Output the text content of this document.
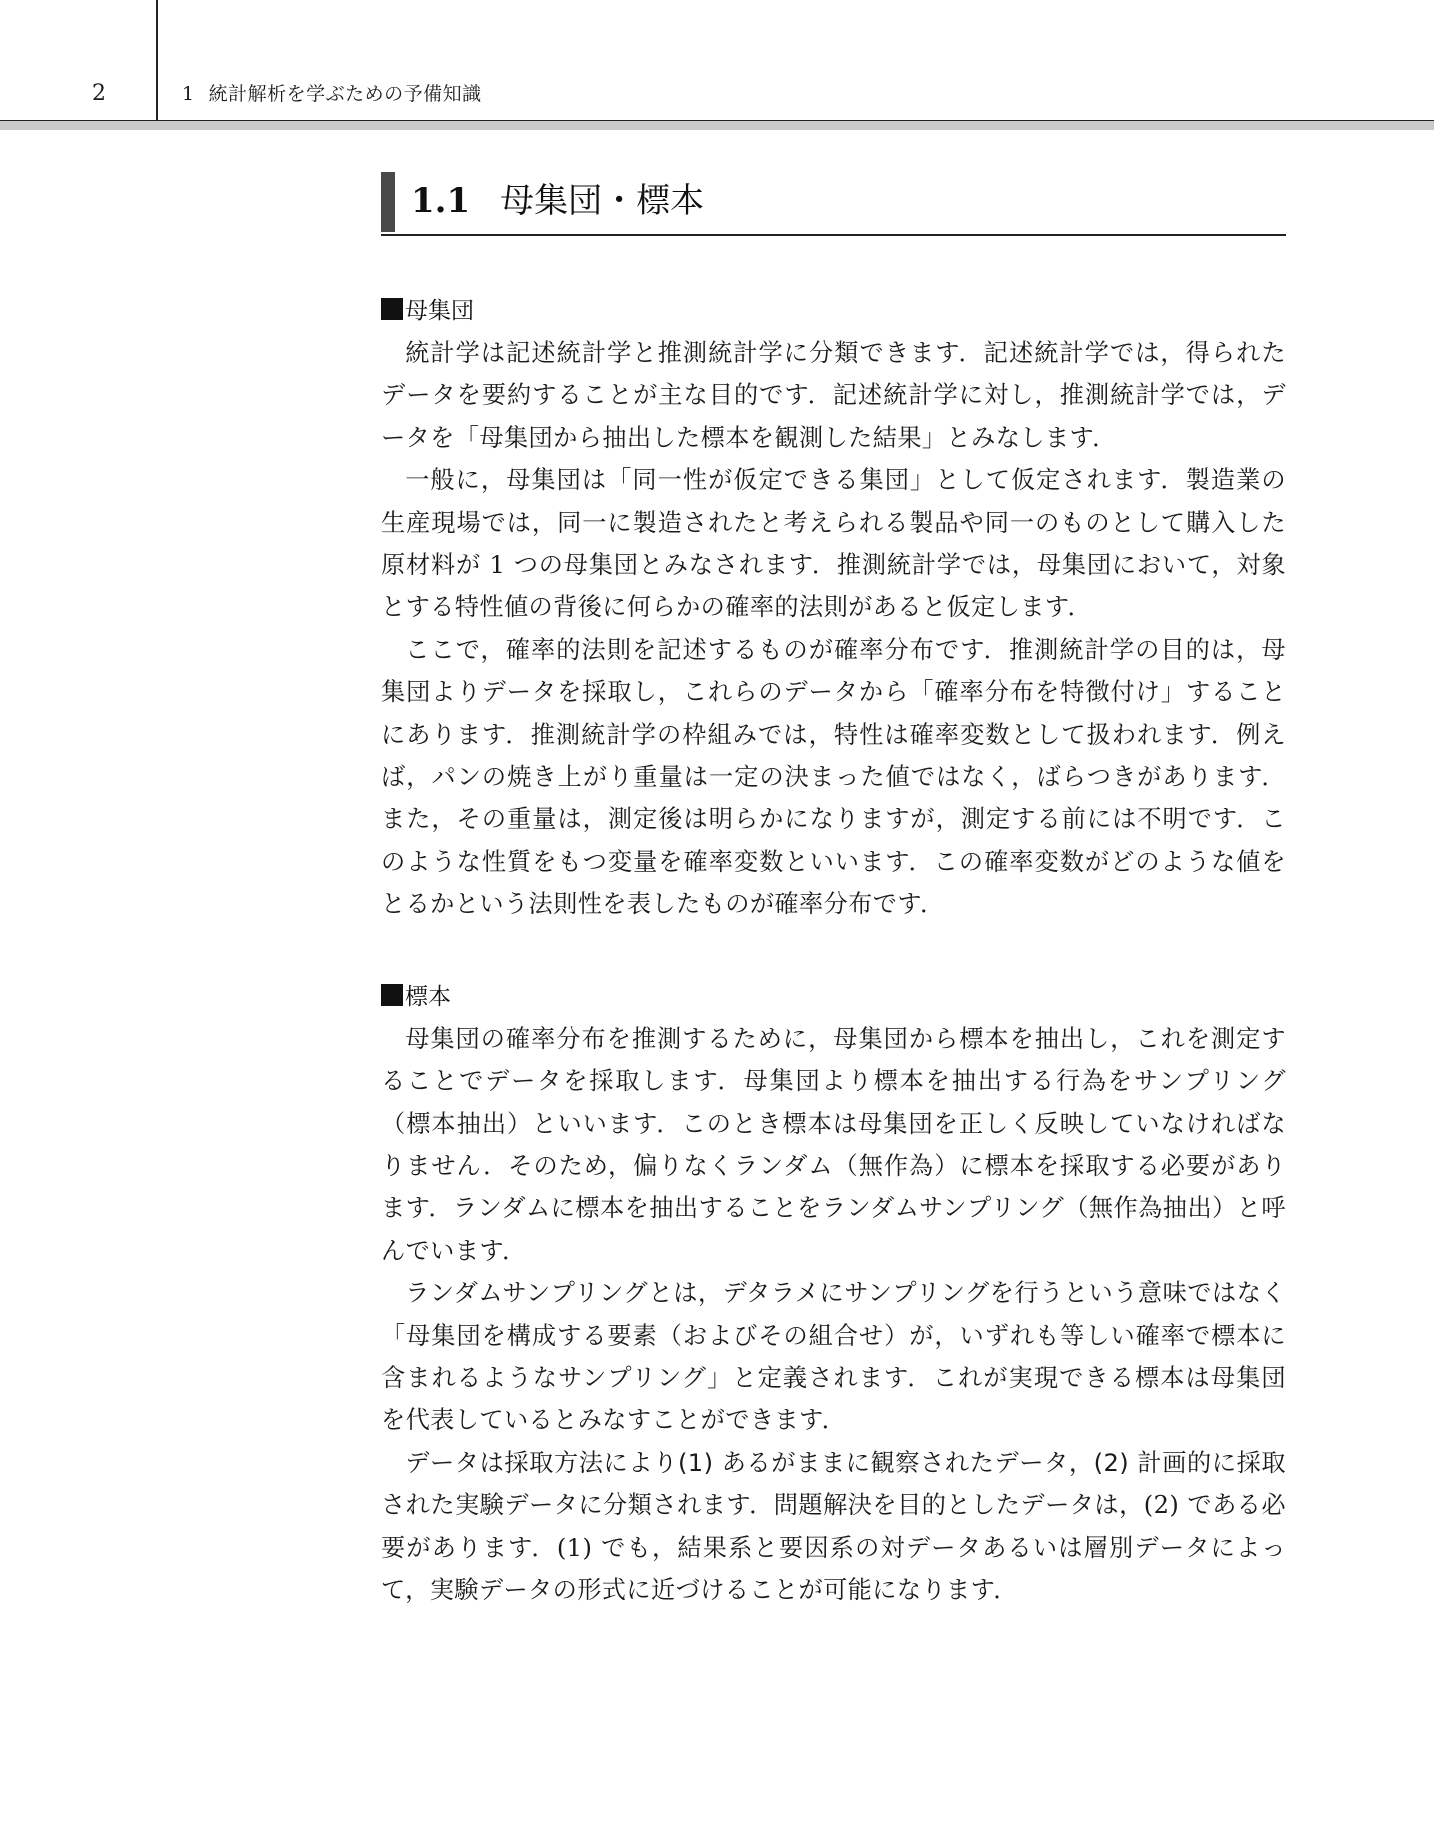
2	1 統計解析を学ぶための予備知識
1.1 母集団・標本
母集団

統計学は記述統計学と推測統計学に分類できます．記述統計学では，得られたデータを要約することが主な目的です．記述統計学に対し，推測統計学では，データを「母集団から抽出した標本を観測した結果」とみなします．

一般に，母集団は「同一性が仮定できる集団」として仮定されます．製造業の生産現場では，同一に製造されたと考えられる製品や同一のものとして購入した原材料が 1 つの母集団とみなされます．推測統計学では，母集団において，対象とする特性値の背後に何らかの確率的法則があると仮定します．

ここで，確率的法則を記述するものが確率分布です．推測統計学の目的は，母集団よりデータを採取し，これらのデータから「確率分布を特徴付け」することにあります．推測統計学の枠組みでは，特性は確率変数として扱われます．例えば，パンの焼き上がり重量は一定の決まった値ではなく，ばらつきがあります．また，その重量は，測定後は明らかになりますが，測定する前には不明です．このような性質をもつ変量を確率変数といいます．この確率変数がどのような値をとるかという法則性を表したものが確率分布です．

標本

母集団の確率分布を推測するために，母集団から標本を抽出し，これを測定することでデータを採取します．母集団より標本を抽出する行為をサンプリング（標本抽出）といいます．このとき標本は母集団を正しく反映していなければなりません．そのため，偏りなくランダム（無作為）に標本を採取する必要があります．ランダムに標本を抽出することをランダムサンプリング（無作為抽出）と呼んでいます．

ランダムサンプリングとは，デタラメにサンプリングを行うという意味ではなく「母集団を構成する要素（およびその組合せ）が，いずれも等しい確率で標本に含まれるようなサンプリング」と定義されます．これが実現できる標本は母集団を代表しているとみなすことができます．

データは採取方法により(1) あるがままに観察されたデータ，(2) 計画的に採取された実験データに分類されます．問題解決を目的としたデータは，(2) である必要があります．(1) でも，結果系と要因系の対データあるいは層別データによって，実験データの形式に近づけることが可能になります．
